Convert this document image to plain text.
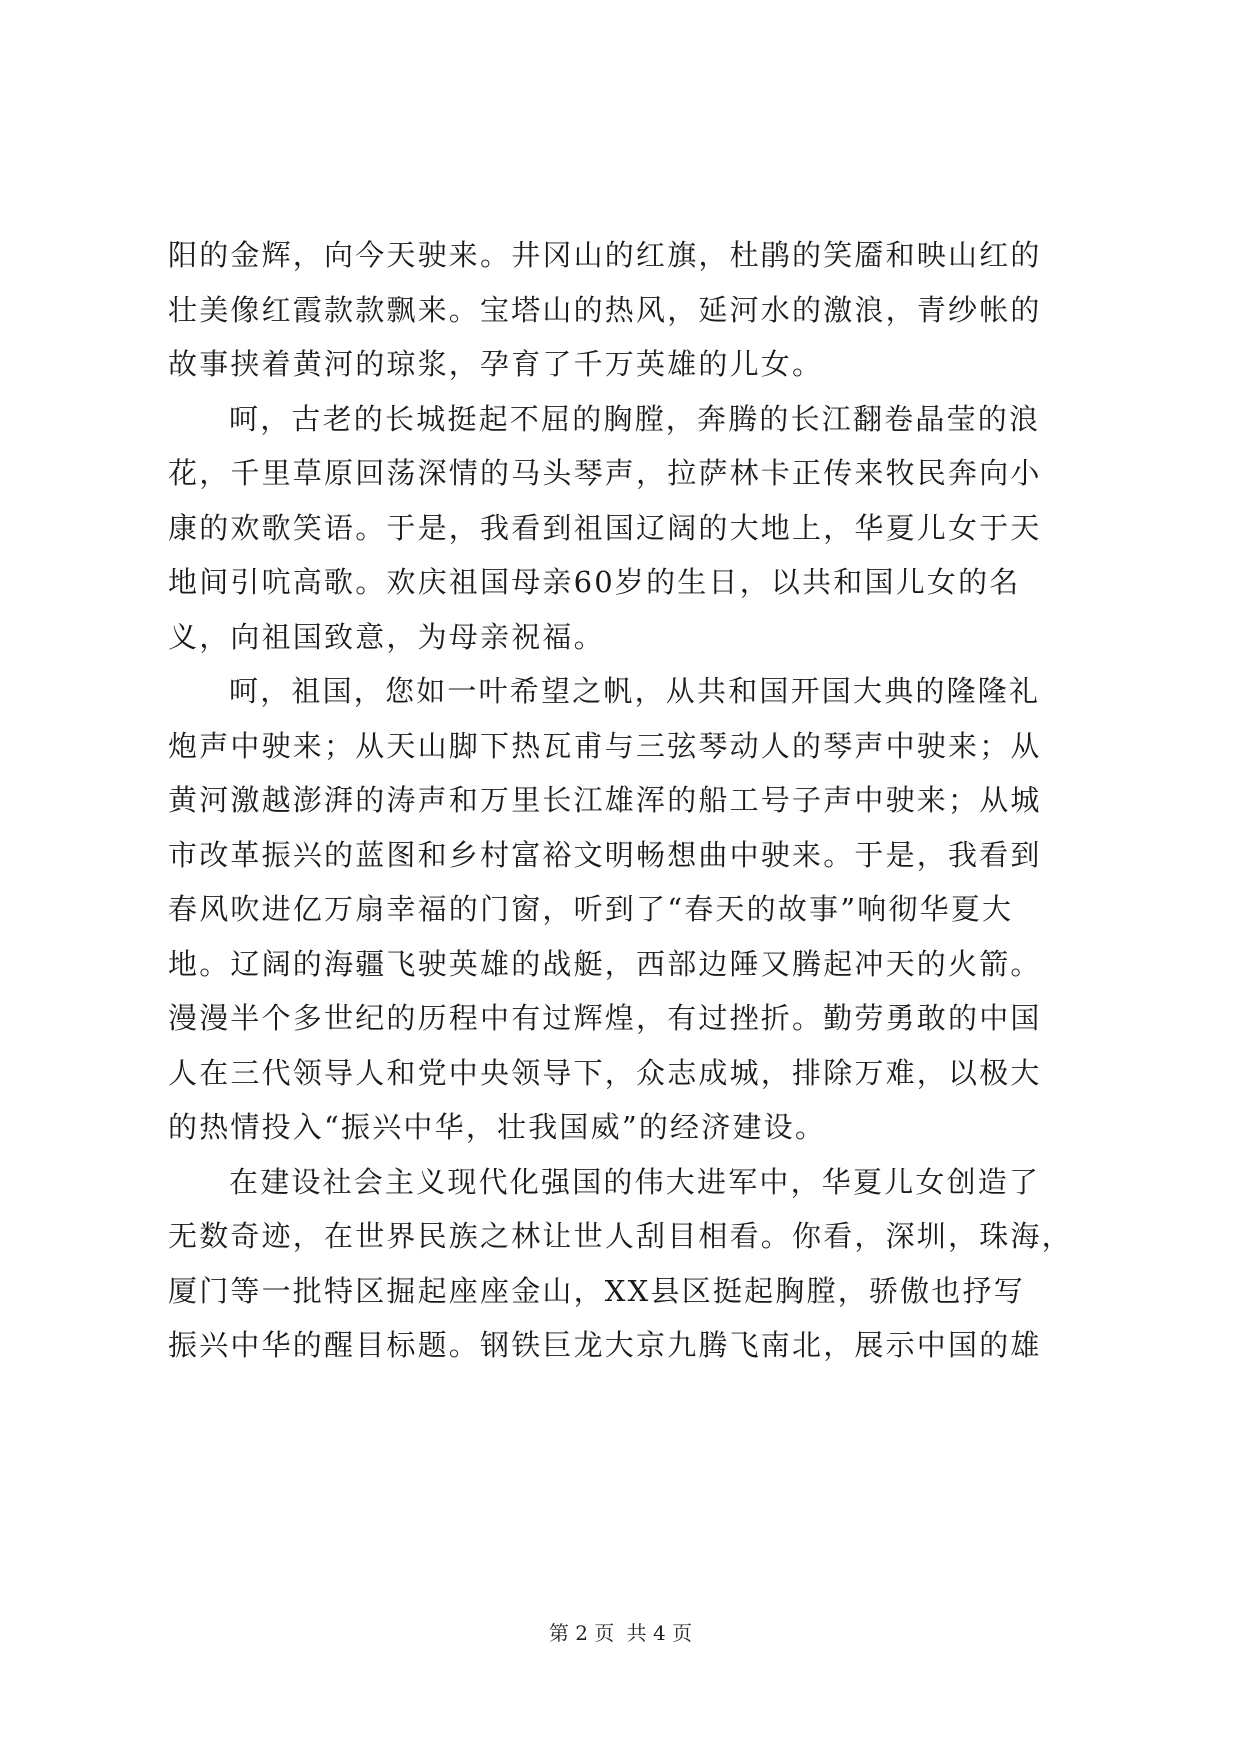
阳的金辉，向今天驶来。井冈山的红旗，杜鹃的笑靥和映山红的
壮美像红霞款款飘来。宝塔山的热风，延河水的激浪，青纱帐的
故事挟着黄河的琼浆，孕育了千万英雄的儿女。
呵，古老的长城挺起不屈的胸膛，奔腾的长江翻卷晶莹的浪
花，千里草原回荡深情的马头琴声，拉萨林卡正传来牧民奔向小
康的欢歌笑语。于是，我看到祖国辽阔的大地上，华夏儿女于天
地间引吭高歌。欢庆祖国母亲60岁的生日，以共和国儿女的名
义，向祖国致意，为母亲祝福。
呵，祖国，您如一叶希望之帆，从共和国开国大典的隆隆礼
炮声中驶来；从天山脚下热瓦甫与三弦琴动人的琴声中驶来；从
黄河激越澎湃的涛声和万里长江雄浑的船工号子声中驶来；从城
市改革振兴的蓝图和乡村富裕文明畅想曲中驶来。于是，我看到
春风吹进亿万扇幸福的门窗，听到了“春天的故事”响彻华夏大
地。辽阔的海疆飞驶英雄的战艇，西部边陲又腾起冲天的火箭。
漫漫半个多世纪的历程中有过辉煌，有过挫折。勤劳勇敢的中国
人在三代领导人和党中央领导下，众志成城，排除万难，以极大
的热情投入“振兴中华，壮我国威”的经济建设。
在建设社会主义现代化强国的伟大进军中，华夏儿女创造了
无数奇迹，在世界民族之林让世人刮目相看。你看，深圳，珠海，
厦门等一批特区掘起座座金山，XX县区挺起胸膛，骄傲也抒写
振兴中华的醒目标题。钢铁巨龙大京九腾飞南北，展示中国的雄
第 2 页 共 4 页
